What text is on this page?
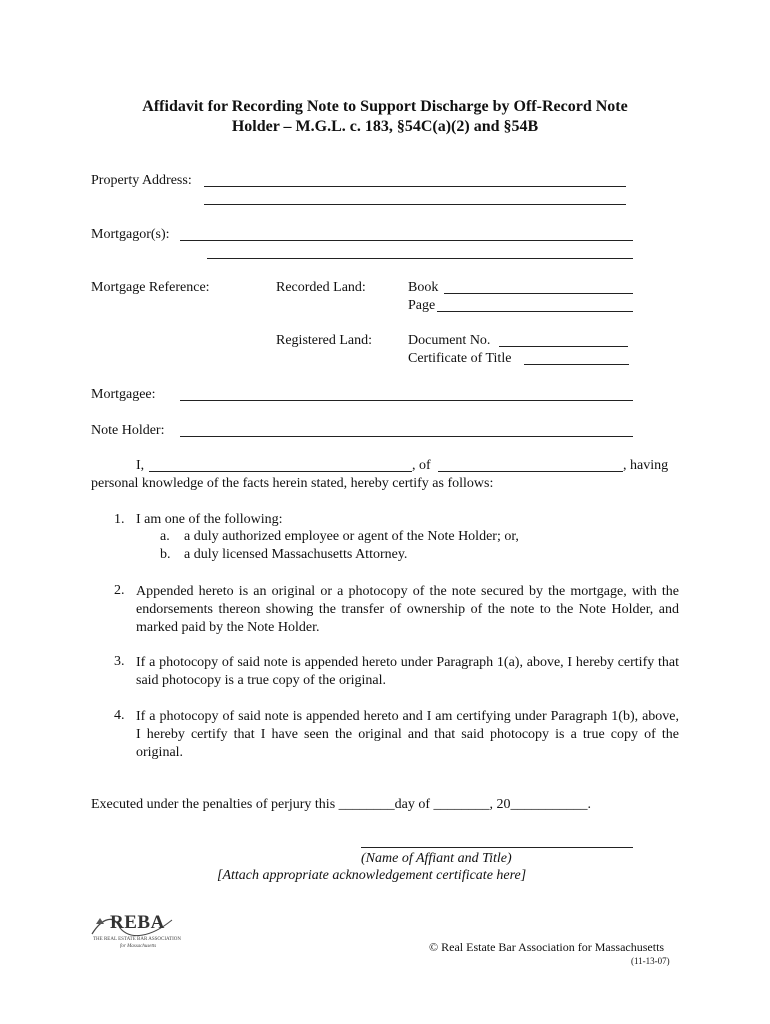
Affidavit for Recording Note to Support Discharge by Off-Record Note
Holder – M.G.L. c. 183, §54C(a)(2) and §54B
Property Address:
Mortgagor(s):
Mortgage Reference:	Recorded Land:	Book
Page
Registered Land:	Document No.
Certificate of Title
Mortgagee:
Note Holder:
I,	, of	, having
personal knowledge of the facts herein stated, hereby certify as follows:
1. I am one of the following:
a. a duly authorized employee or agent of the Note Holder; or,
b. a duly licensed Massachusetts Attorney.
2. Appended hereto is an original or a photocopy of the note secured by the mortgage, with the endorsements thereon showing the transfer of ownership of the note to the Note Holder, and marked paid by the Note Holder.
3. If a photocopy of said note is appended hereto under Paragraph 1(a), above, I hereby certify that said photocopy is a true copy of the original.
4. If a photocopy of said note is appended hereto and I am certifying under Paragraph 1(b), above, I hereby certify that I have seen the original and that said photocopy is a true copy of the original.
Executed under the penalties of perjury this ________day of ________, 20___________.
(Name of Affiant and Title)
[Attach appropriate acknowledgement certificate here]
REBA
THE REAL ESTATE BAR ASSOCIATION
for Massachusetts	© Real Estate Bar Association for Massachusetts
(11-13-07)
